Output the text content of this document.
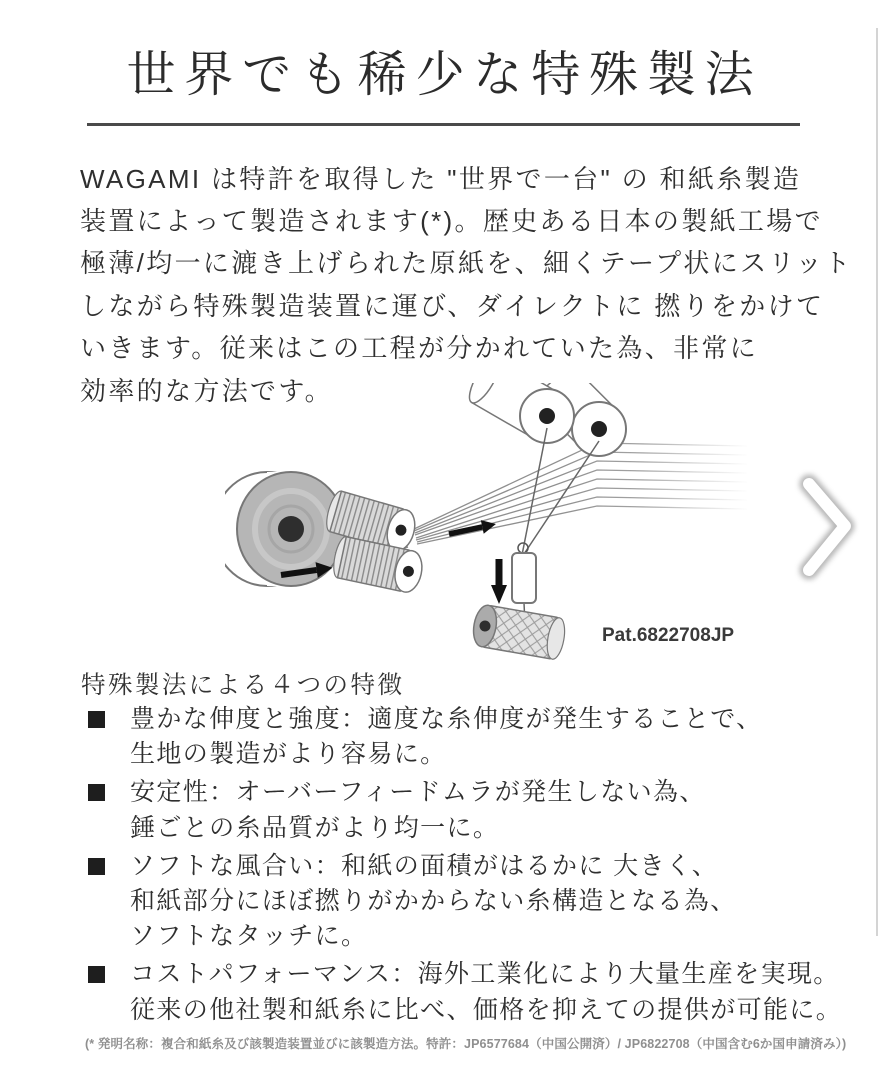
世界でも稀少な特殊製法
WAGAMI は特許を取得した "世界で一台" の 和紙糸製造
装置によって製造されます(*)。歴史ある日本の製紙工場で
極薄/均一に漉き上げられた原紙を、細くテープ状にスリット
しながら特殊製造装置に運び、ダイレクトに 撚りをかけて
いきます。従来はこの工程が分かれていた為、非常に
効率的な方法です。
Pat.6822708JP
特殊製法による４つの特徴
豊かな伸度と強度：適度な糸伸度が発生することで、
生地の製造がより容易に。
安定性：オーバーフィードムラが発生しない為、
錘ごとの糸品質がより均一に。
ソフトな風合い：和紙の面積がはるかに 大きく、
和紙部分にほぼ撚りがかからない糸構造となる為、
ソフトなタッチに。
コストパフォーマンス：海外工業化により大量生産を実現。
従来の他社製和紙糸に比べ、価格を抑えての提供が可能に。
(* 発明名称：複合和紙糸及び該製造装置並びに該製造方法。特許：JP6577684（中国公開済）/ JP6822708（中国含む6か国申請済み）)
